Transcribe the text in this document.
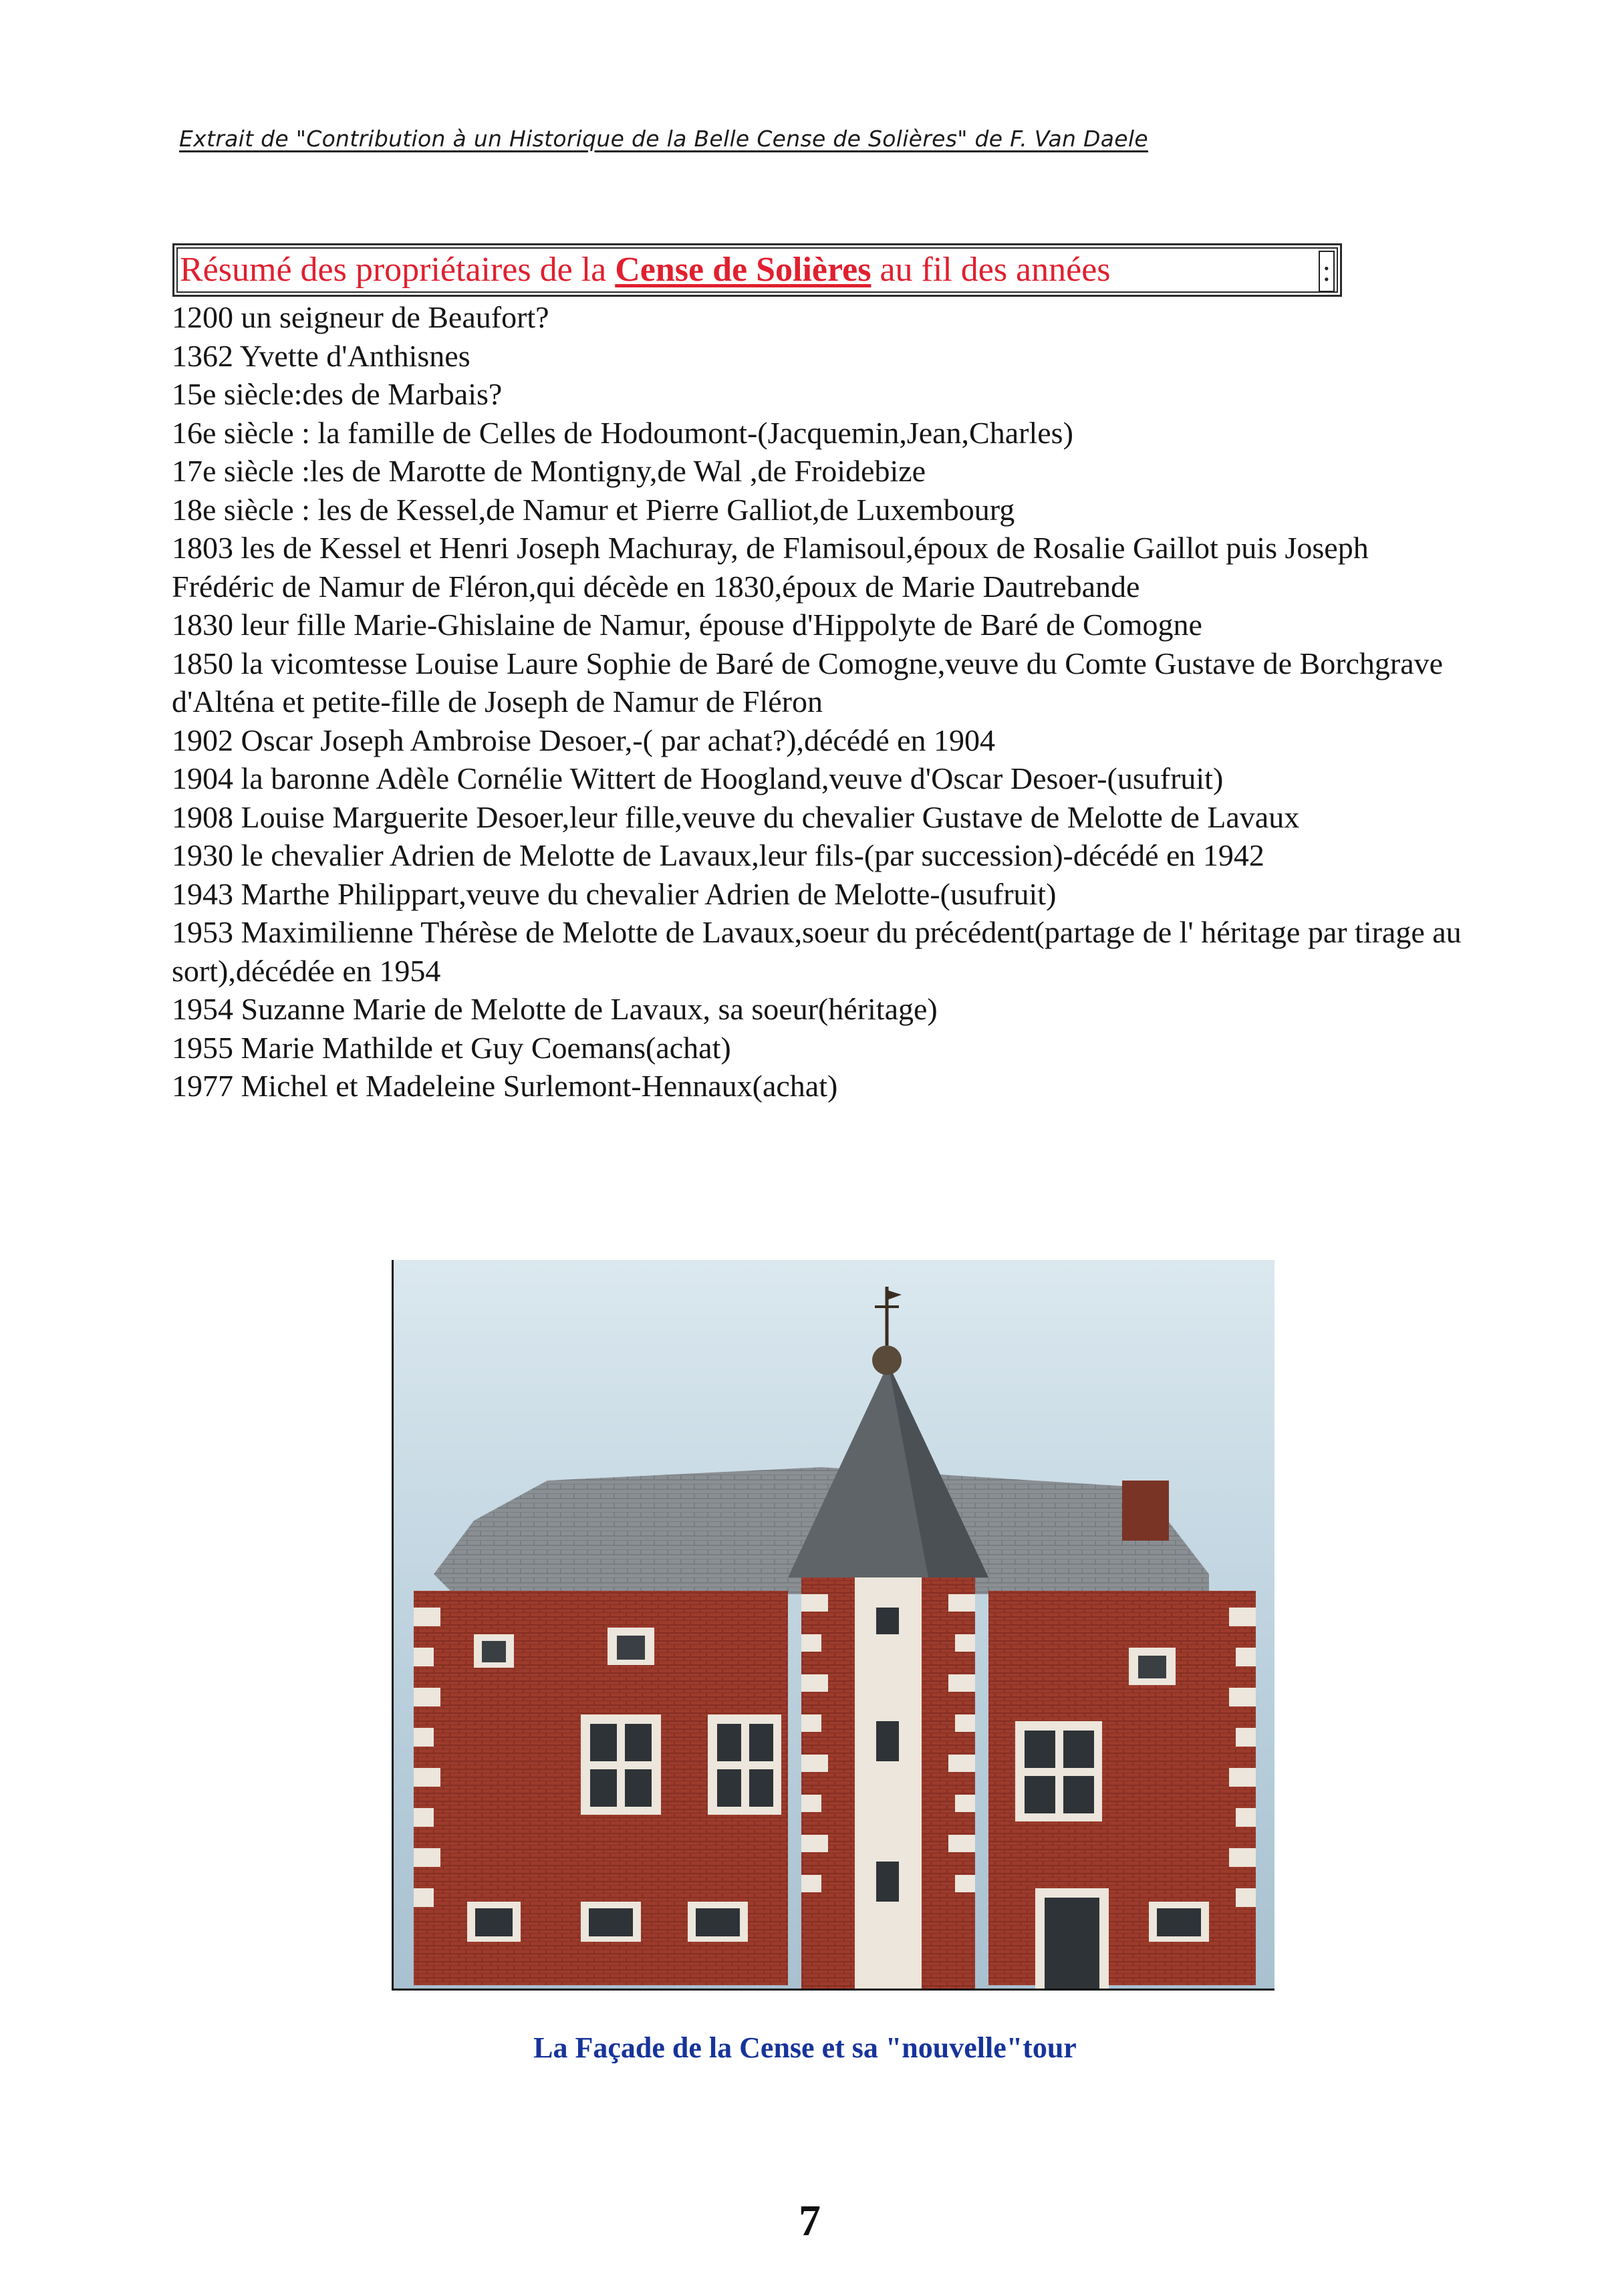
Extrait de "Contribution à un Historique de la Belle Cense de Solières" de F. Van Daele
Résumé des propriétaires de la Cense de Solières au fil des années	:

1200 un seigneur de Beaufort?

1362 Yvette d'Anthisnes

15e siècle:des de Marbais?

16e siècle : la famille de Celles de Hodoumont-(Jacquemin,Jean,Charles)

17e siècle :les de Marotte de Montigny,de Wal ,de Froidebize

18e siècle : les de Kessel,de Namur et Pierre Galliot,de Luxembourg

1803 les de Kessel et Henri Joseph Machuray, de Flamisoul,époux de Rosalie Gaillot puis Joseph Frédéric de Namur de Fléron,qui décède en 1830,époux de Marie Dautrebande

1830 leur fille Marie-Ghislaine de Namur, épouse d'Hippolyte de Baré de Comogne

1850 la vicomtesse Louise Laure Sophie de Baré de Comogne,veuve du Comte Gustave de Borchgrave d'Alténa et petite-fille de Joseph de Namur de Fléron

1902 Oscar Joseph Ambroise Desoer,-( par achat?),décédé en 1904

1904 la baronne Adèle Cornélie Wittert de Hoogland,veuve d'Oscar Desoer-(usufruit)

1908 Louise Marguerite Desoer,leur fille,veuve du chevalier Gustave de Melotte de Lavaux

1930 le chevalier Adrien de Melotte de Lavaux,leur fils-(par succession)-décédé en 1942

1943 Marthe Philippart,veuve du chevalier Adrien de Melotte-(usufruit)

1953 Maximilienne Thérèse de Melotte de Lavaux,soeur du précédent(partage de l' héritage par tirage au sort),décédée en 1954

1954 Suzanne Marie de Melotte de Lavaux, sa soeur(héritage)

1955 Marie Mathilde et Guy Coemans(achat)

1977 Michel et Madeleine Surlemont-Hennaux(achat)

La Façade de la Cense et sa "nouvelle"tour
7
